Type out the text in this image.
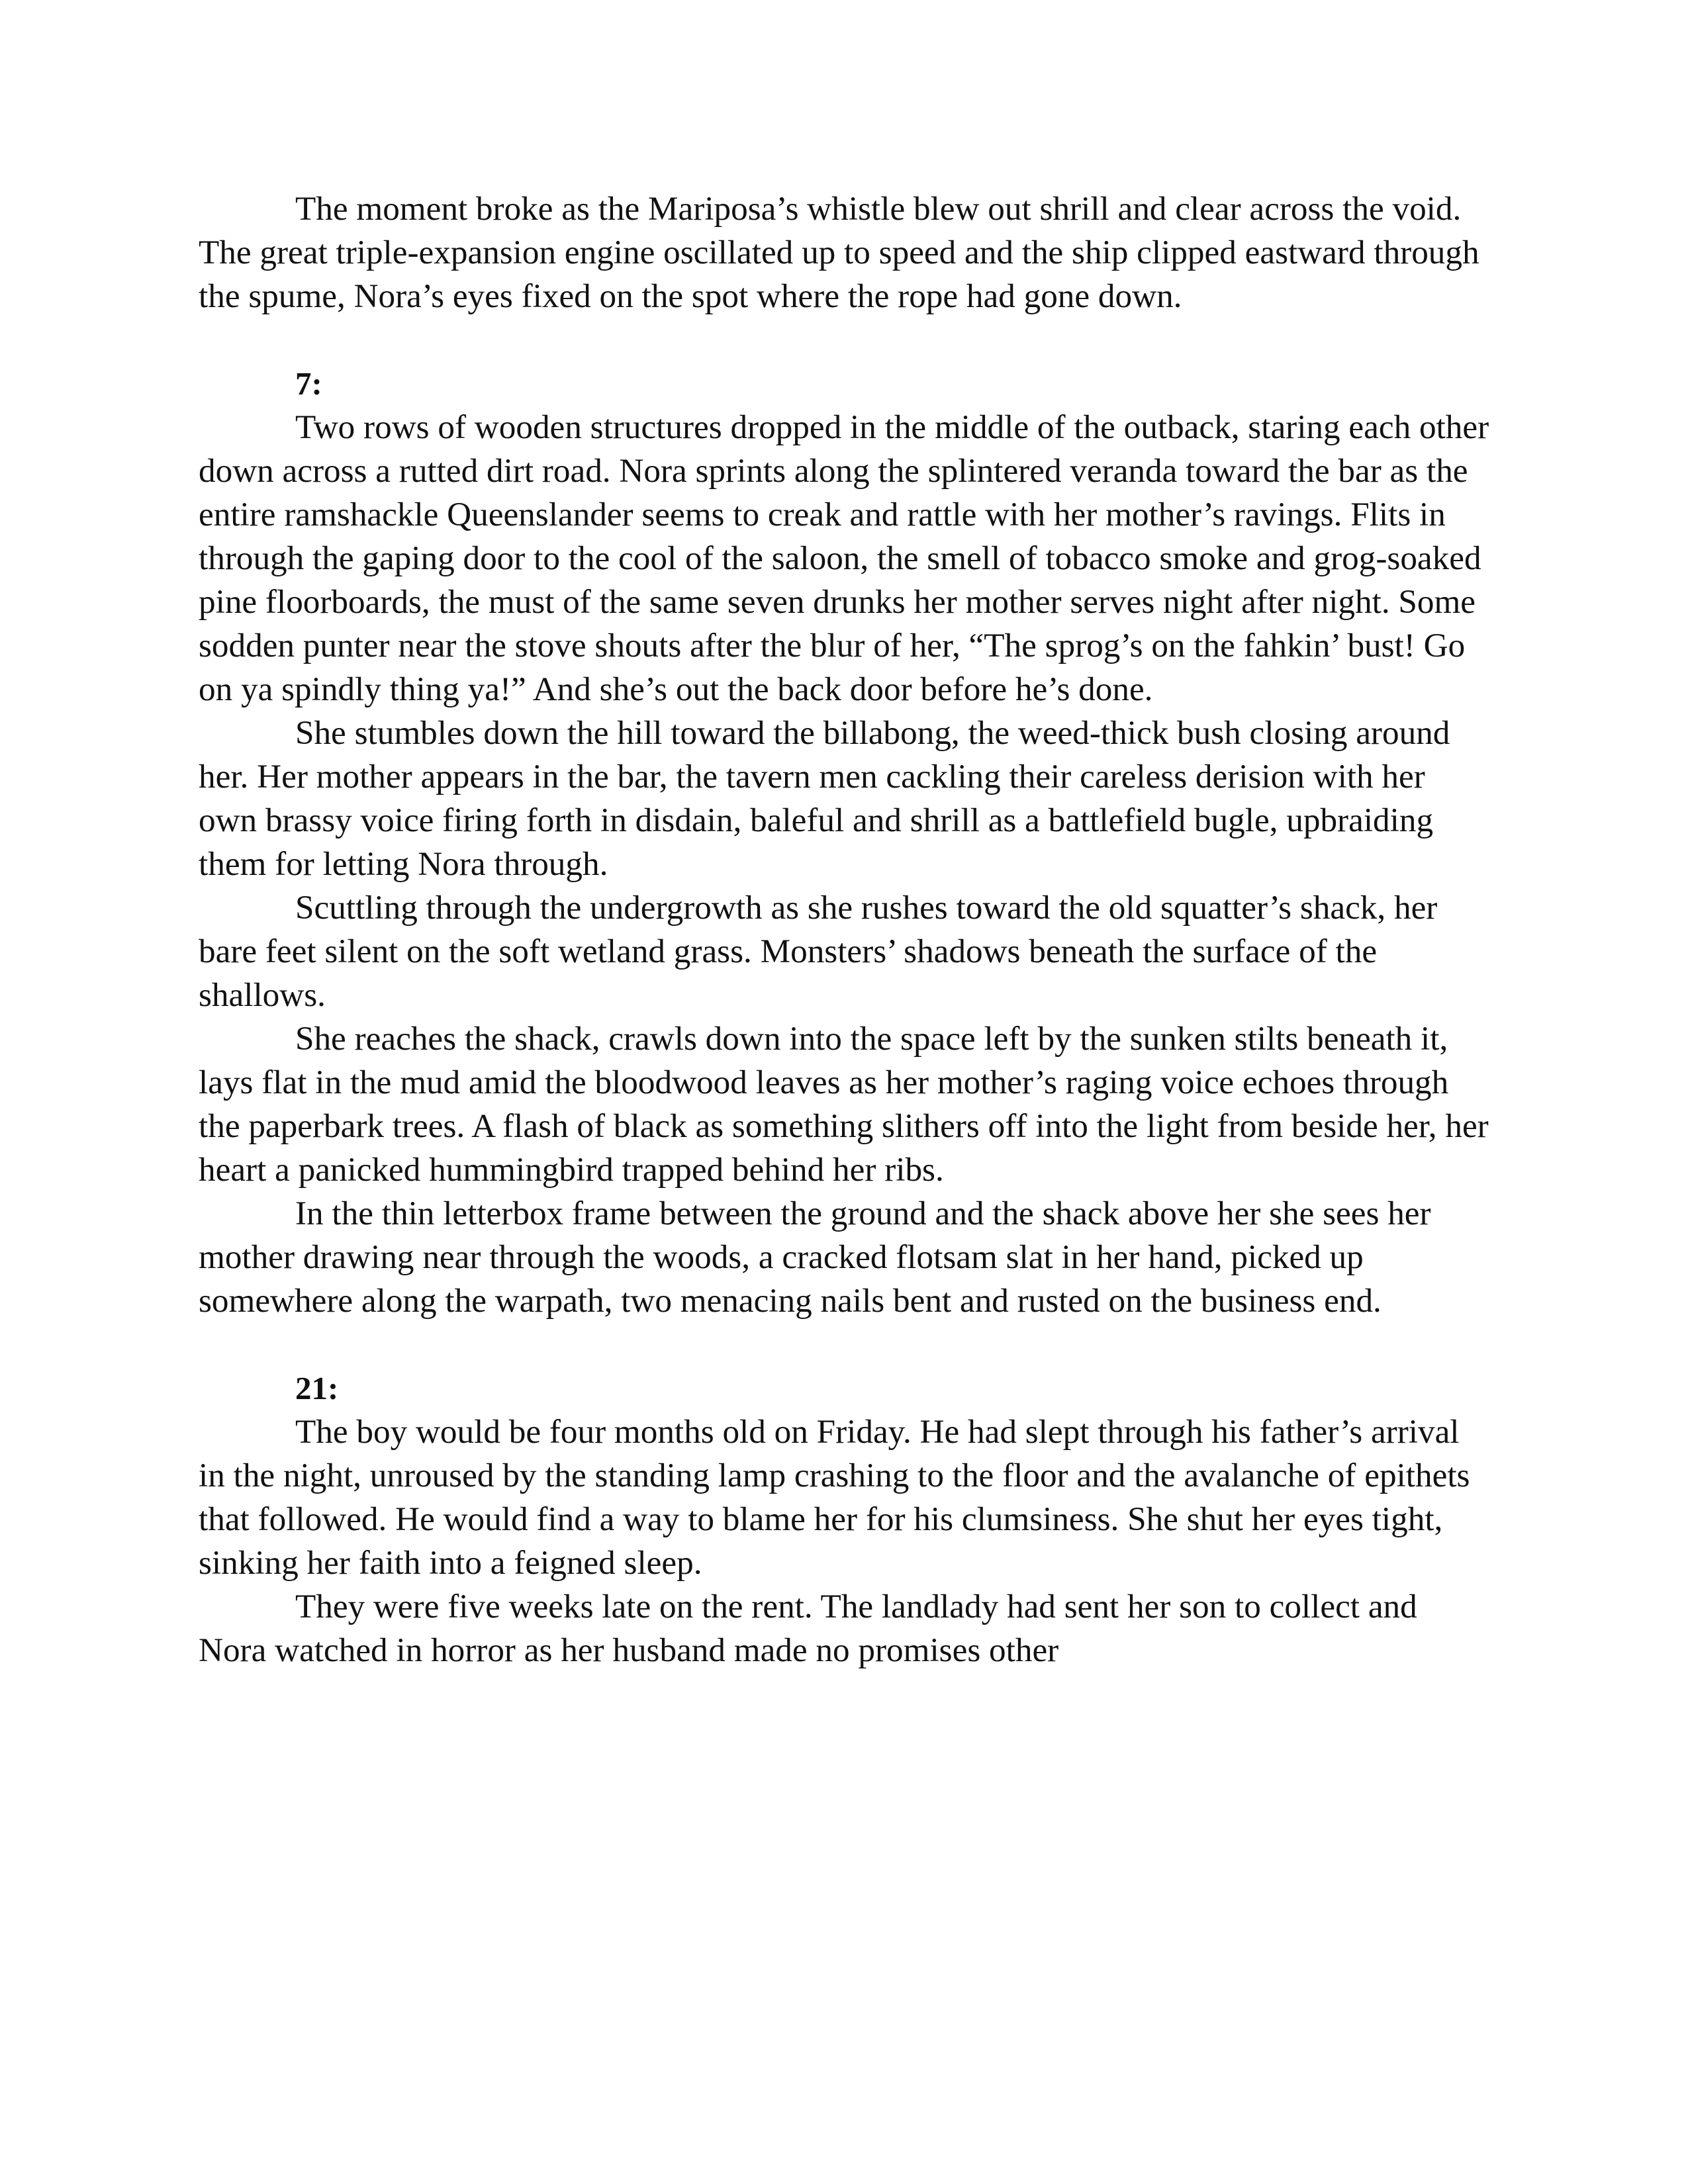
The moment broke as the Mariposa’s whistle blew out shrill and clear across the void. The great triple-expansion engine oscillated up to speed and the ship clipped eastward through the spume, Nora’s eyes fixed on the spot where the rope had gone down.

7:

Two rows of wooden structures dropped in the middle of the outback, staring each other down across a rutted dirt road. Nora sprints along the splintered veranda toward the bar as the entire ramshackle Queenslander seems to creak and rattle with her mother’s ravings. Flits in through the gaping door to the cool of the saloon, the smell of tobacco smoke and grog-soaked pine floorboards, the must of the same seven drunks her mother serves night after night. Some sodden punter near the stove shouts after the blur of her, “The sprog’s on the fahkin’ bust! Go on ya spindly thing ya!” And she’s out the back door before he’s done.

She stumbles down the hill toward the billabong, the weed-thick bush closing around her. Her mother appears in the bar, the tavern men cackling their careless derision with her own brassy voice firing forth in disdain, baleful and shrill as a battlefield bugle, upbraiding them for letting Nora through.

Scuttling through the undergrowth as she rushes toward the old squatter’s shack, her bare feet silent on the soft wetland grass. Monsters’ shadows beneath the surface of the shallows.

She reaches the shack, crawls down into the space left by the sunken stilts beneath it, lays flat in the mud amid the bloodwood leaves as her mother’s raging voice echoes through the paperbark trees. A flash of black as something slithers off into the light from beside her, her heart a panicked hummingbird trapped behind her ribs.

In the thin letterbox frame between the ground and the shack above her she sees her mother drawing near through the woods, a cracked flotsam slat in her hand, picked up somewhere along the warpath, two menacing nails bent and rusted on the business end.

21:

The boy would be four months old on Friday. He had slept through his father’s arrival in the night, unroused by the standing lamp crashing to the floor and the avalanche of epithets that followed. He would find a way to blame her for his clumsiness. She shut her eyes tight, sinking her faith into a feigned sleep.

They were five weeks late on the rent. The landlady had sent her son to collect and Nora watched in horror as her husband made no promises other
